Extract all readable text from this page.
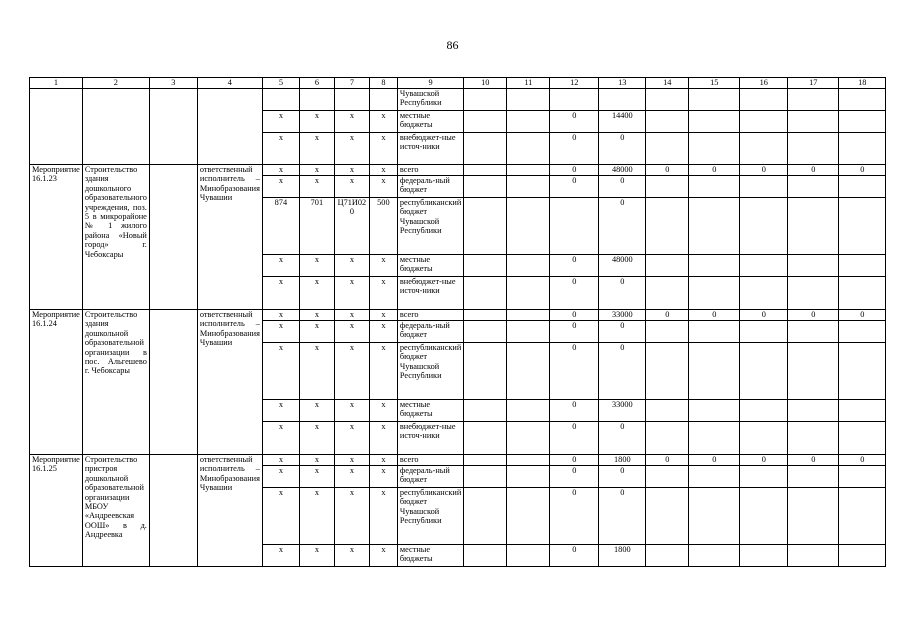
86
1	2	3	4	5	6	7	8	9	10	11	12	13	14	15	16	17	18
								Чувашской Республики									
				x	x	x	x	местные бюджеты			0	14400					
				x	x	x	x	внебюджет-ные источ-ники			0	0					
Мероприятие 16.1.23	Строительство здания дошкольного образовательного учреждения, поз. 5 в микрорайоне № 1 жилого района «Новый город» г. Чебоксары		ответственный исполнитель – Минобразования Чувашии	x	x	x	x	всего			0	48000	0	0	0	0	0
				x	x	x	x	федераль-ный бюджет			0	0					
				874	701	Ц71И020	500	республиканский бюджет Чувашской Республики				0					
				x	x	x	x	местные бюджеты			0	48000					
				x	x	x	x	внебюджет-ные источ-ники			0	0					
Мероприятие 16.1.24	Строительство здания дошкольной образовательной организации в пос. Альгешево г. Чебоксары		ответственный исполнитель – Минобразования Чувашии	x	x	x	x	всего			0	33000	0	0	0	0	0
				x	x	x	x	федераль-ный бюджет			0	0					
				x	x	x	x	республиканский бюджет Чувашской Республики			0	0					
				x	x	x	x	местные бюджеты			0	33000					
				x	x	x	x	внебюджет-ные источ-ники			0	0					
Мероприятие 16.1.25	Строительство пристроя дошкольной образовательной организации МБОУ «Андреевская ООШ» в д. Андреевка		ответственный исполнитель – Минобразования Чувашии	x	x	x	x	всего			0	1800	0	0	0	0	0
				x	x	x	x	федераль-ный бюджет			0	0					
				x	x	x	x	республиканский бюджет Чувашской Республики			0	0					
				x	x	x	x	местные бюджеты			0	1800					
